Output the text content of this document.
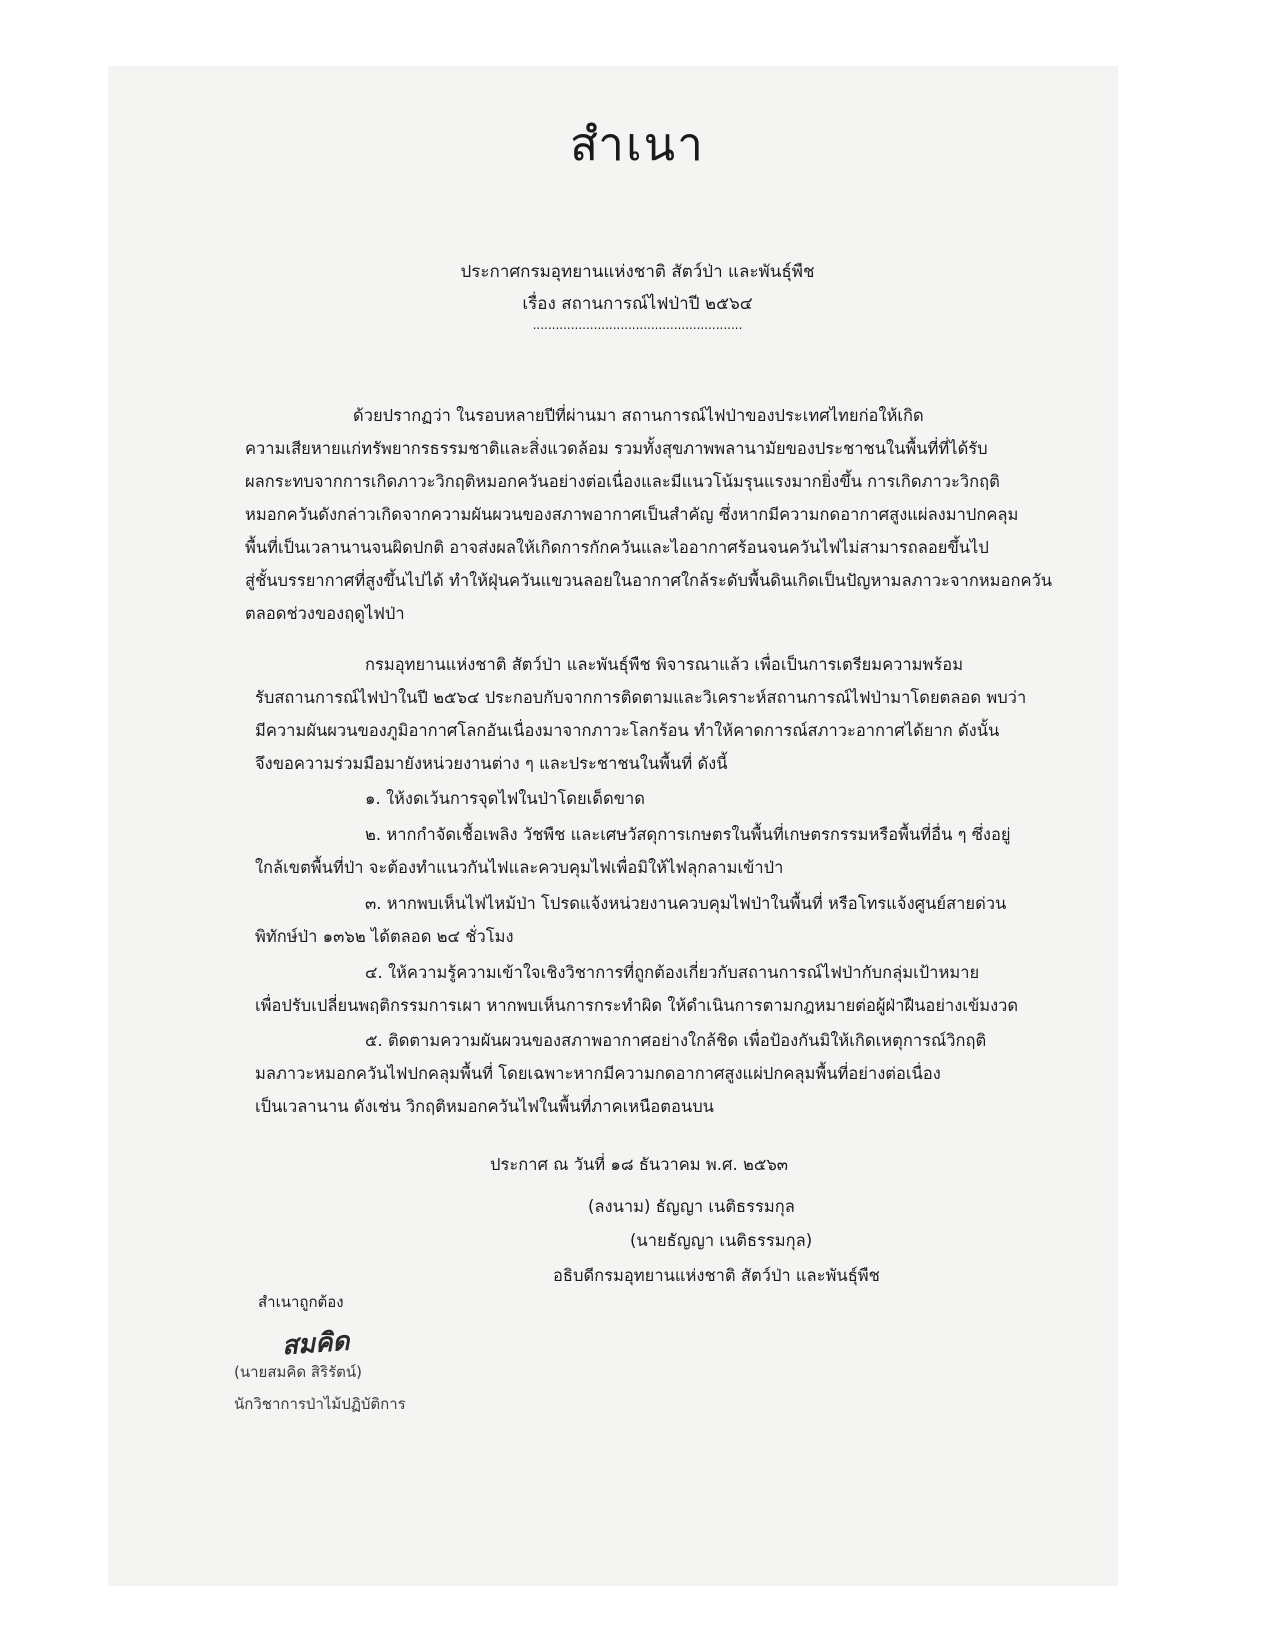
สำเนา
ประกาศกรมอุทยานแห่งชาติ สัตว์ป่า และพันธุ์พืช
เรื่อง สถานการณ์ไฟป่าปี ๒๕๖๔
.......................................................
ด้วยปรากฏว่า ในรอบหลายปีที่ผ่านมา สถานการณ์ไฟป่าของประเทศไทยก่อให้เกิด
ความเสียหายแก่ทรัพยากรธรรมชาติและสิ่งแวดล้อม รวมทั้งสุขภาพพลานามัยของประชาชนในพื้นที่ที่ได้รับ
ผลกระทบจากการเกิดภาวะวิกฤติหมอกควันอย่างต่อเนื่องและมีแนวโน้มรุนแรงมากยิ่งขึ้น การเกิดภาวะวิกฤติ
หมอกควันดังกล่าวเกิดจากความผันผวนของสภาพอากาศเป็นสำคัญ ซึ่งหากมีความกดอากาศสูงแผ่ลงมาปกคลุม
พื้นที่เป็นเวลานานจนผิดปกติ อาจส่งผลให้เกิดการกักควันและไออากาศร้อนจนควันไฟไม่สามารถลอยขึ้นไป
สู่ชั้นบรรยากาศที่สูงขึ้นไปได้ ทำให้ฝุ่นควันแขวนลอยในอากาศใกล้ระดับพื้นดินเกิดเป็นปัญหามลภาวะจากหมอกควัน
ตลอดช่วงของฤดูไฟป่า
กรมอุทยานแห่งชาติ สัตว์ป่า และพันธุ์พืช พิจารณาแล้ว เพื่อเป็นการเตรียมความพร้อม
รับสถานการณ์ไฟป่าในปี ๒๕๖๔ ประกอบกับจากการติดตามและวิเคราะห์สถานการณ์ไฟป่ามาโดยตลอด พบว่า
มีความผันผวนของภูมิอากาศโลกอันเนื่องมาจากภาวะโลกร้อน ทำให้คาดการณ์สภาวะอากาศได้ยาก ดังนั้น
จึงขอความร่วมมือมายังหน่วยงานต่าง ๆ และประชาชนในพื้นที่ ดังนี้
๑. ให้งดเว้นการจุดไฟในป่าโดยเด็ดขาด
๒. หากกำจัดเชื้อเพลิง วัชพืช และเศษวัสดุการเกษตรในพื้นที่เกษตรกรรมหรือพื้นที่อื่น ๆ ซึ่งอยู่
ใกล้เขตพื้นที่ป่า จะต้องทำแนวกันไฟและควบคุมไฟเพื่อมิให้ไฟลุกลามเข้าป่า
๓. หากพบเห็นไฟไหม้ป่า โปรดแจ้งหน่วยงานควบคุมไฟป่าในพื้นที่ หรือโทรแจ้งศูนย์สายด่วน
พิทักษ์ป่า ๑๓๖๒ ได้ตลอด ๒๔ ชั่วโมง
๔. ให้ความรู้ความเข้าใจเชิงวิชาการที่ถูกต้องเกี่ยวกับสถานการณ์ไฟป่ากับกลุ่มเป้าหมาย
เพื่อปรับเปลี่ยนพฤติกรรมการเผา หากพบเห็นการกระทำผิด ให้ดำเนินการตามกฎหมายต่อผู้ฝ่าฝืนอย่างเข้มงวด
๕. ติดตามความผันผวนของสภาพอากาศอย่างใกล้ชิด เพื่อป้องกันมิให้เกิดเหตุการณ์วิกฤติ
มลภาวะหมอกควันไฟปกคลุมพื้นที่ โดยเฉพาะหากมีความกดอากาศสูงแผ่ปกคลุมพื้นที่อย่างต่อเนื่อง
เป็นเวลานาน ดังเช่น วิกฤติหมอกควันไฟในพื้นที่ภาคเหนือตอนบน
ประกาศ ณ วันที่ ๑๘ ธันวาคม พ.ศ. ๒๕๖๓
(ลงนาม) ธัญญา เนติธรรมกุล
(นายธัญญา เนติธรรมกุล)
อธิบดีกรมอุทยานแห่งชาติ สัตว์ป่า และพันธุ์พืช
สำเนาถูกต้อง
สมคิด
(นายสมคิด สิริรัตน์)
นักวิชาการป่าไม้ปฏิบัติการ
